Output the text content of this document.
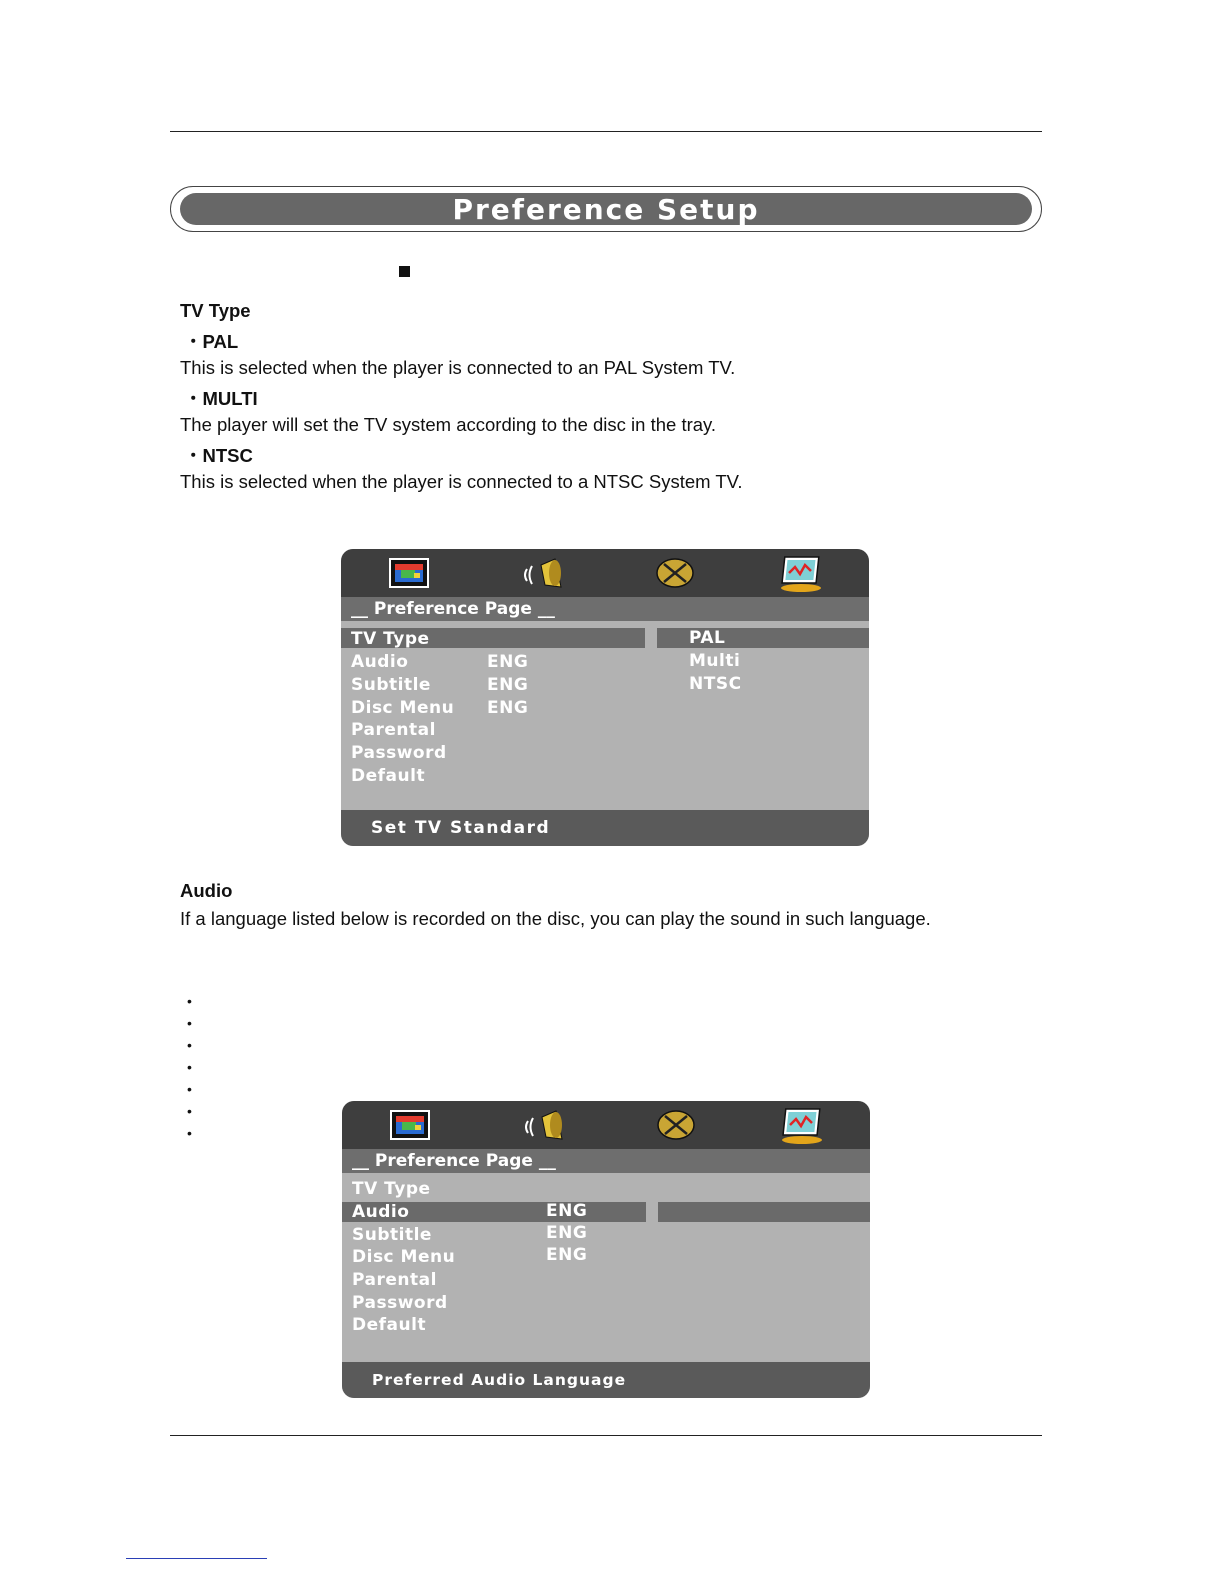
Preference Setup
TV Type
・PAL
This is selected when the player is connected to an PAL System TV.
・MULTI
The player will set the TV system according to the disc in the tray.
・NTSC
This is selected when the player is connected to a NTSC System TV.
__ Preference Page __
TV Type
Audio
Subtitle
Disc Menu
Parental
Password
Default
ENG
ENG
ENG
PAL
Multi
NTSC
Set TV Standard
Audio
If a language listed below is recorded on the disc, you can play the sound in such language.
•
•
•
•
•
•
•
__ Preference Page __
TV Type
Audio
Subtitle
Disc Menu
Parental
Password
Default
ENG
ENG
ENG
Preferred Audio Language
